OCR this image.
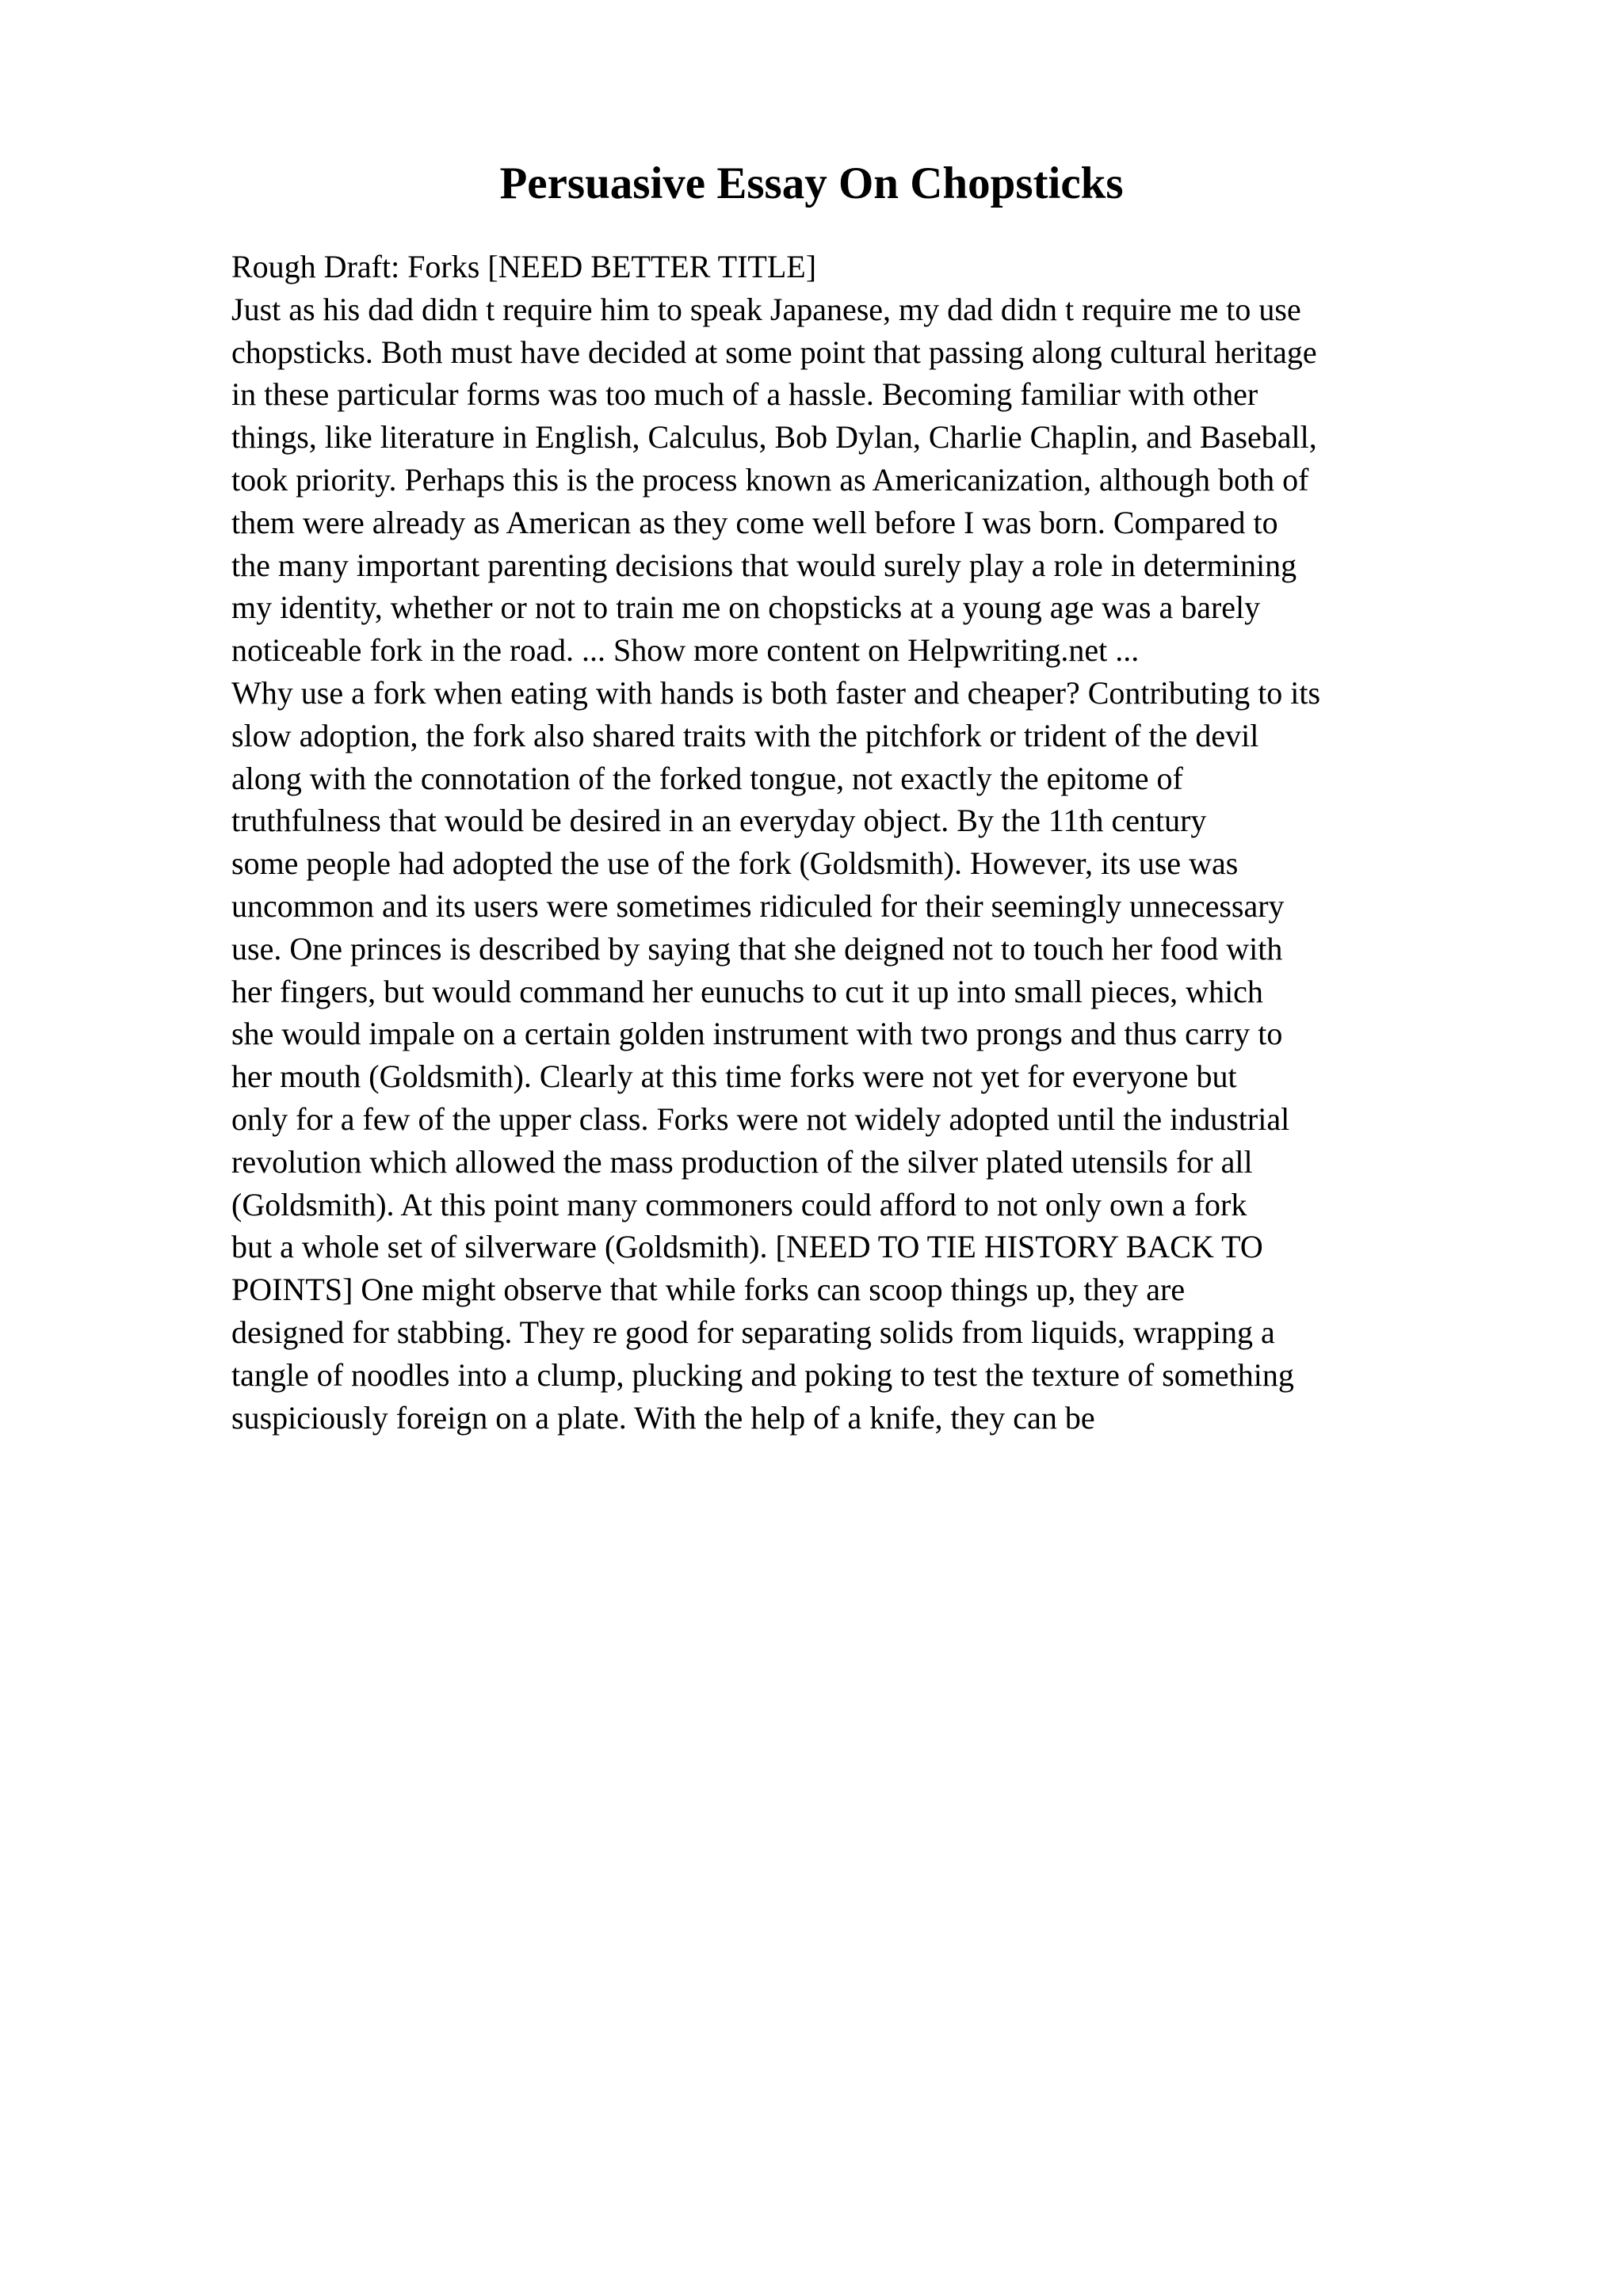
Persuasive Essay On Chopsticks
Rough Draft: Forks [NEED BETTER TITLE]
Just as his dad didn t require him to speak Japanese, my dad didn t require me to use
chopsticks. Both must have decided at some point that passing along cultural heritage
in these particular forms was too much of a hassle. Becoming familiar with other
things, like literature in English, Calculus, Bob Dylan, Charlie Chaplin, and Baseball,
took priority. Perhaps this is the process known as Americanization, although both of
them were already as American as they come well before I was born. Compared to
the many important parenting decisions that would surely play a role in determining
my identity, whether or not to train me on chopsticks at a young age was a barely
noticeable fork in the road. ... Show more content on Helpwriting.net ...
Why use a fork when eating with hands is both faster and cheaper? Contributing to its
slow adoption, the fork also shared traits with the pitchfork or trident of the devil
along with the connotation of the forked tongue, not exactly the epitome of
truthfulness that would be desired in an everyday object. By the 11th century
some people had adopted the use of the fork (Goldsmith). However, its use was
uncommon and its users were sometimes ridiculed for their seemingly unnecessary
use. One princes is described by saying that she deigned not to touch her food with
her fingers, but would command her eunuchs to cut it up into small pieces, which
she would impale on a certain golden instrument with two prongs and thus carry to
her mouth (Goldsmith). Clearly at this time forks were not yet for everyone but
only for a few of the upper class. Forks were not widely adopted until the industrial
revolution which allowed the mass production of the silver plated utensils for all
(Goldsmith). At this point many commoners could afford to not only own a fork
but a whole set of silverware (Goldsmith). [NEED TO TIE HISTORY BACK TO
POINTS] One might observe that while forks can scoop things up, they are
designed for stabbing. They re good for separating solids from liquids, wrapping a
tangle of noodles into a clump, plucking and poking to test the texture of something
suspiciously foreign on a plate. With the help of a knife, they can be
